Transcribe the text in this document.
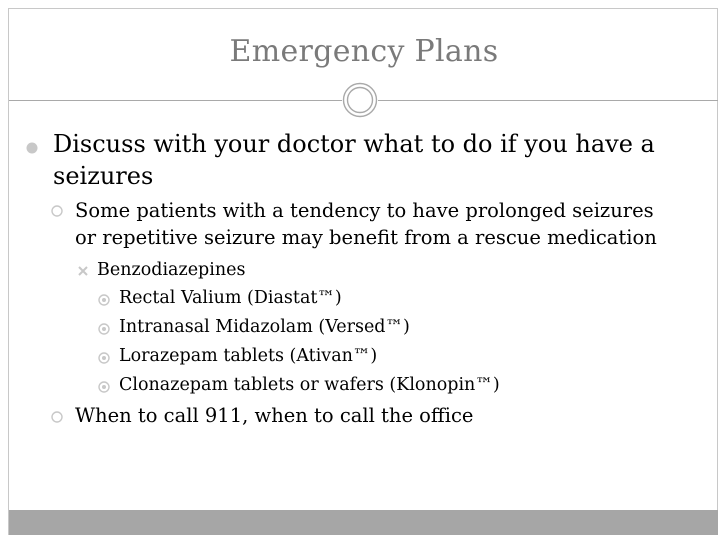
Emergency Plans
Discuss with your doctor what to do if you have a seizures
Some patients with a tendency to have prolonged seizures or repetitive seizure may benefit from a rescue medication
Benzodiazepines
Rectal Valium (Diastat™)
Intranasal Midazolam (Versed™)
Lorazepam tablets (Ativan™)
Clonazepam tablets or wafers (Klonopin™)
When to call 911, when to call the office
